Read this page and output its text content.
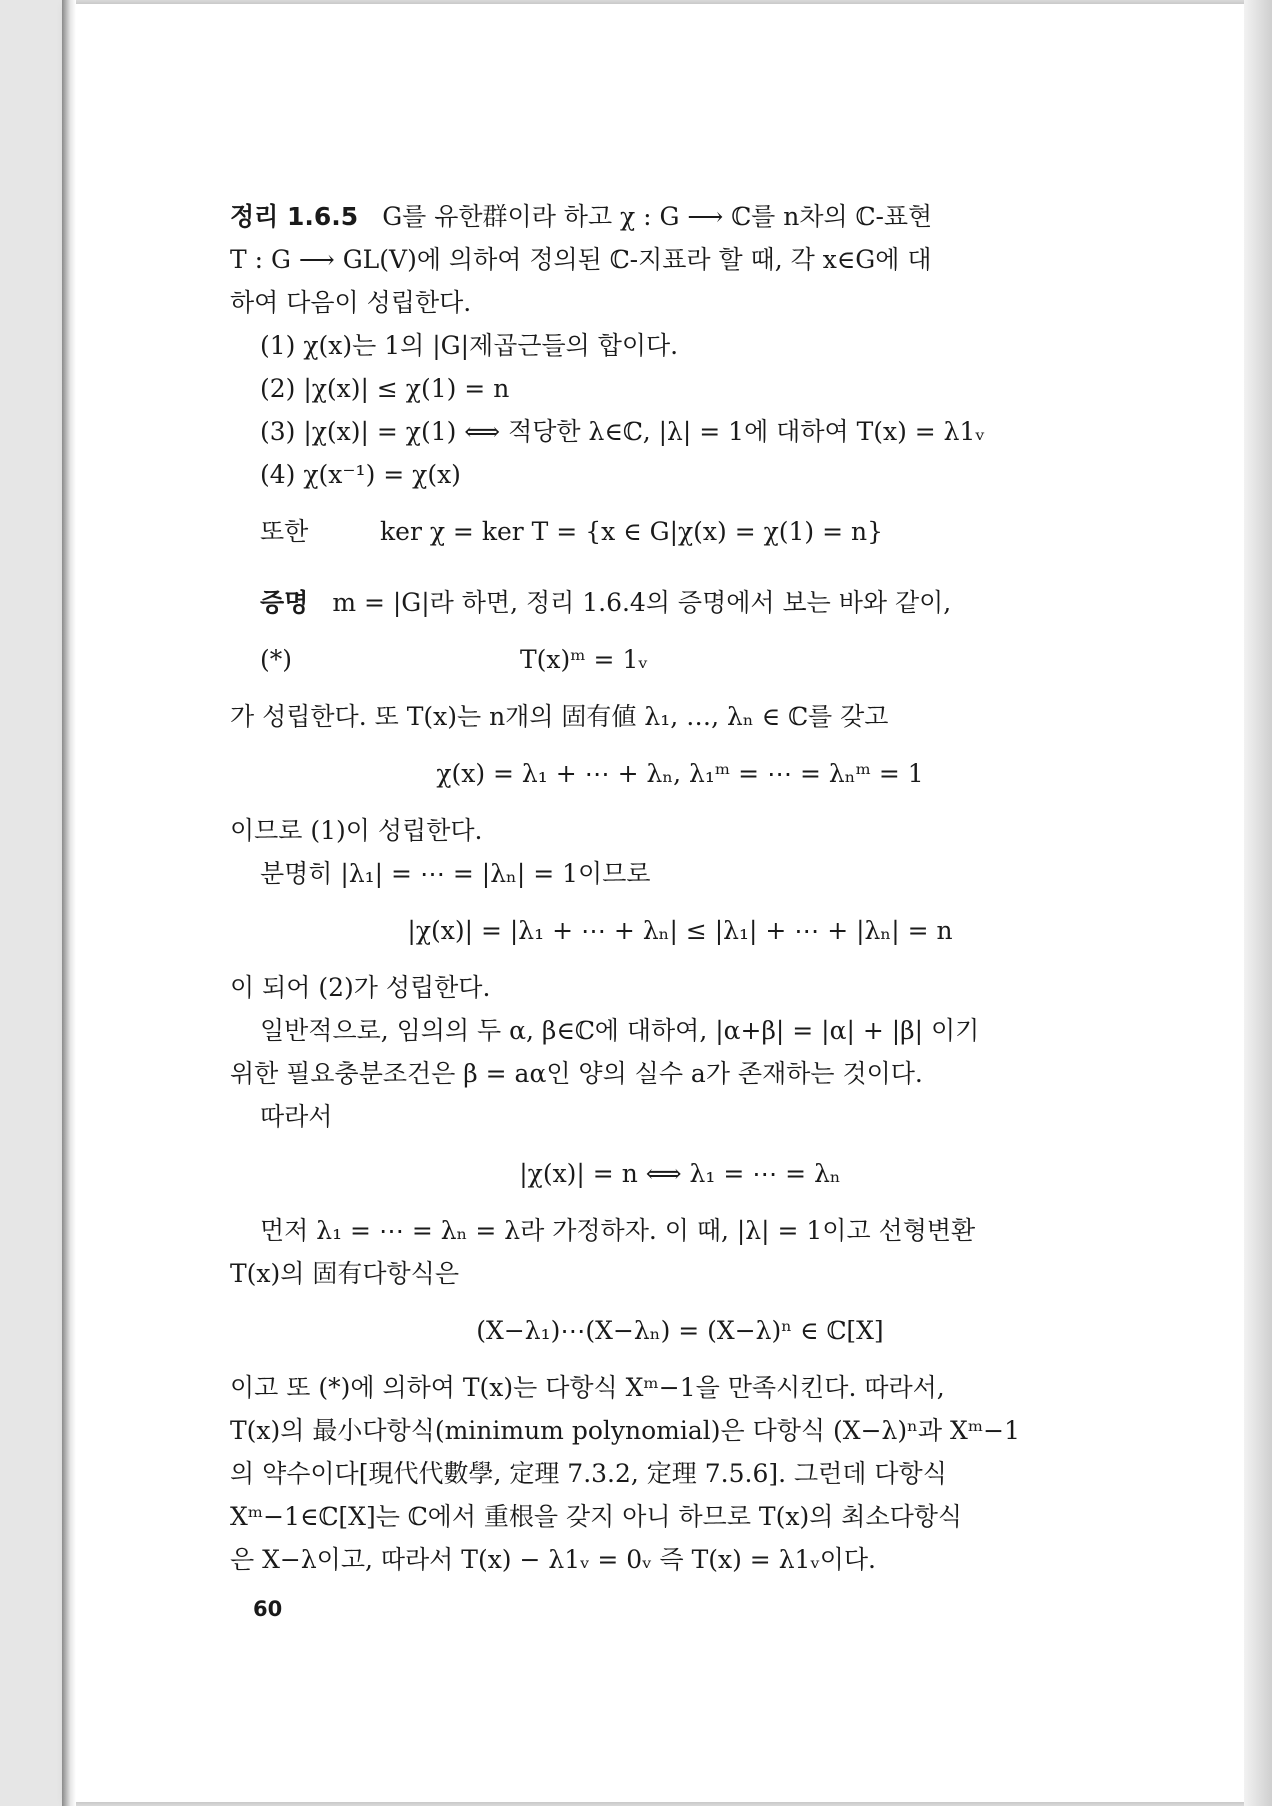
정리 1.6.5 G를 유한群이라 하고 χ : G ⟶ ℂ를 n차의 ℂ-표현
T : G ⟶ GL(V)에 의하여 정의된 ℂ-지표라 할 때, 각 x∈G에 대
하여 다음이 성립한다.
(1) χ(x)는 1의 |G|제곱근들의 합이다.
(2) |χ(x)| ≤ χ(1) = n
(3) |χ(x)| = χ(1) ⟺ 적당한 λ∈ℂ, |λ| = 1에 대하여 T(x) = λ1ᵥ
(4) χ(x⁻¹) = χ(x)
또한	ker χ = ker T = {x ∈ G|χ(x) = χ(1) = n}
증명 m = |G|라 하면, 정리 1.6.4의 증명에서 보는 바와 같이,
(*)	T(x)ᵐ = 1ᵥ
가 성립한다. 또 T(x)는 n개의 固有値 λ₁, …, λₙ ∈ ℂ를 갖고
χ(x) = λ₁ + ⋯ + λₙ, λ₁ᵐ = ⋯ = λₙᵐ = 1
이므로 (1)이 성립한다.
분명히 |λ₁| = ⋯ = |λₙ| = 1이므로
|χ(x)| = |λ₁ + ⋯ + λₙ| ≤ |λ₁| + ⋯ + |λₙ| = n
이 되어 (2)가 성립한다.
일반적으로, 임의의 두 α, β∈ℂ에 대하여, |α+β| = |α| + |β| 이기
위한 필요충분조건은 β = aα인 양의 실수 a가 존재하는 것이다.
따라서
|χ(x)| = n ⟺ λ₁ = ⋯ = λₙ
먼저 λ₁ = ⋯ = λₙ = λ라 가정하자. 이 때, |λ| = 1이고 선형변환
T(x)의 固有다항식은
(X−λ₁)⋯(X−λₙ) = (X−λ)ⁿ ∈ ℂ[X]
이고 또 (*)에 의하여 T(x)는 다항식 Xᵐ−1을 만족시킨다. 따라서,
T(x)의 最小다항식(minimum polynomial)은 다항식 (X−λ)ⁿ과 Xᵐ−1
의 약수이다[現代代數學, 定理 7.3.2, 定理 7.5.6]. 그런데 다항식
Xᵐ−1∈ℂ[X]는 ℂ에서 重根을 갖지 아니 하므로 T(x)의 최소다항식
은 X−λ이고, 따라서 T(x) − λ1ᵥ = 0ᵥ 즉 T(x) = λ1ᵥ이다.
60
